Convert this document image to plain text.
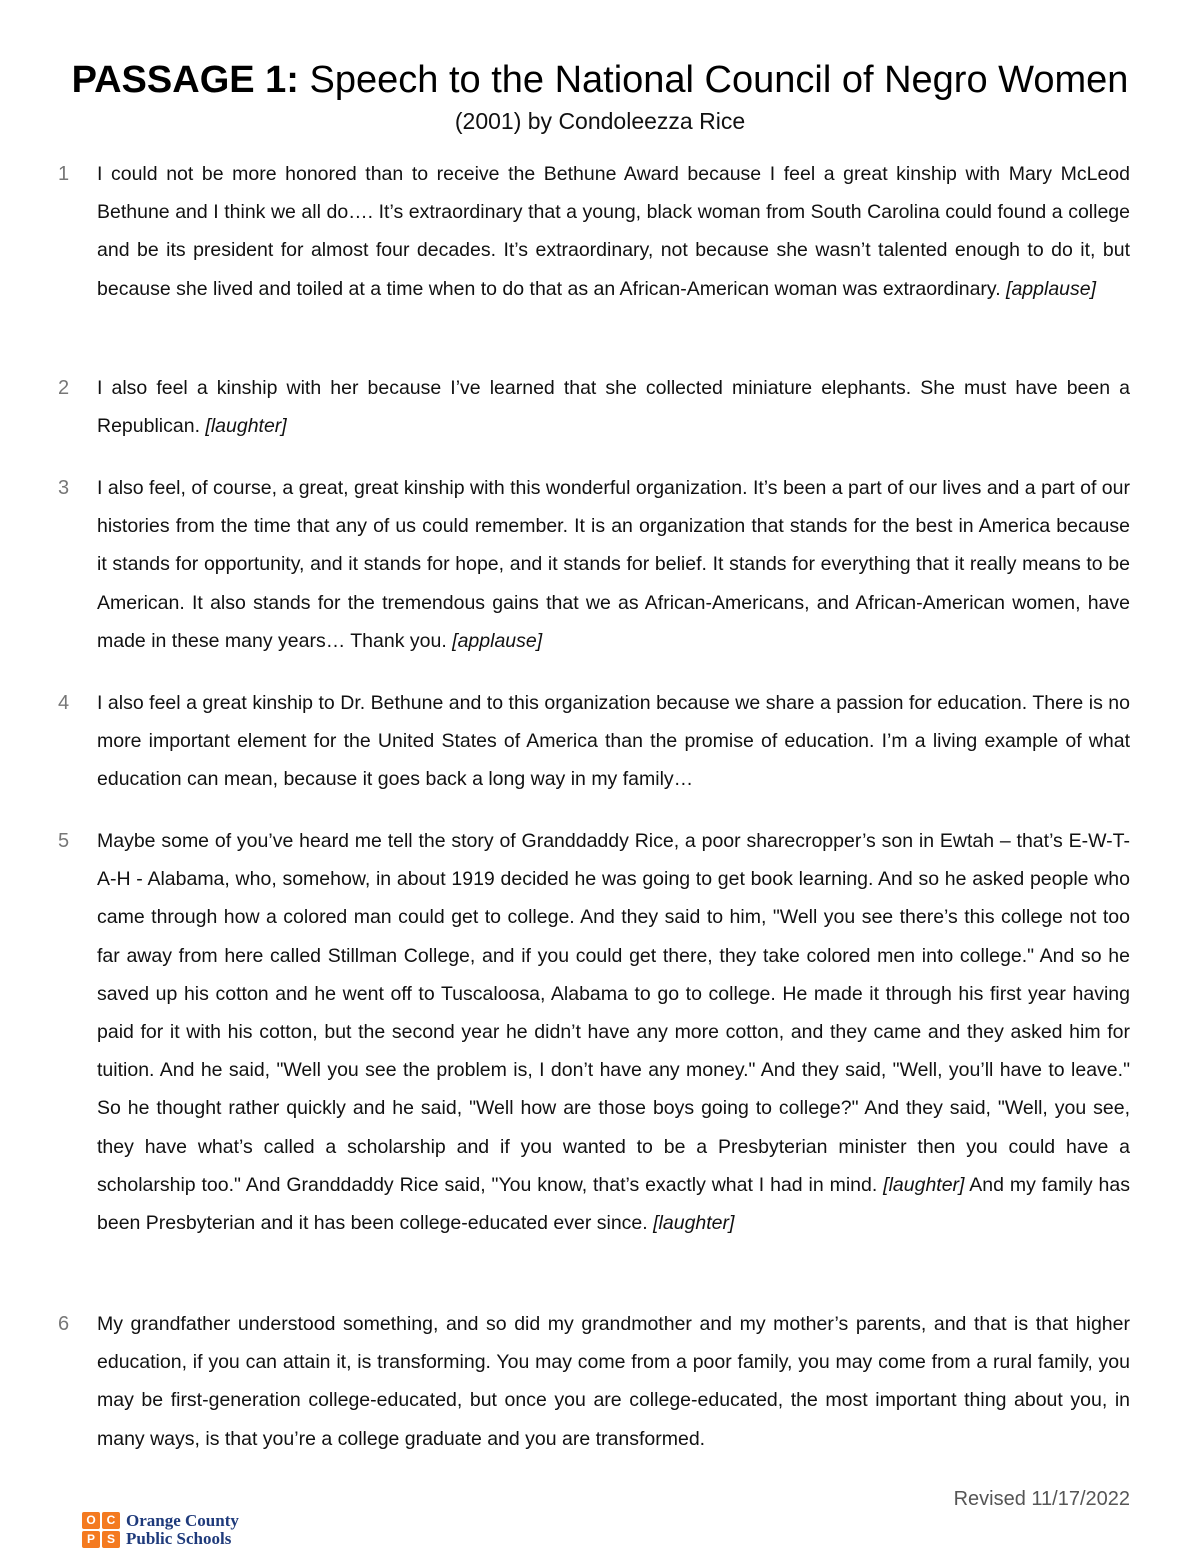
PASSAGE 1: Speech to the National Council of Negro Women
(2001) by Condoleezza Rice
1	I could not be more honored than to receive the Bethune Award because I feel a great kinship with Mary McLeod Bethune and I think we all do…. It’s extraordinary that a young, black woman from South Carolina could found a college and be its president for almost four decades. It’s extraordinary, not because she wasn’t talented enough to do it, but because she lived and toiled at a time when to do that as an African-American woman was extraordinary. [applause]
2	I also feel a kinship with her because I’ve learned that she collected miniature elephants. She must have been a Republican. [laughter]
3	I also feel, of course, a great, great kinship with this wonderful organization. It’s been a part of our lives and a part of our histories from the time that any of us could remember. It is an organization that stands for the best in America because it stands for opportunity, and it stands for hope, and it stands for belief. It stands for everything that it really means to be American. It also stands for the tremendous gains that we as African-Americans, and African-American women, have made in these many years… Thank you. [applause]
4	I also feel a great kinship to Dr. Bethune and to this organization because we share a passion for education. There is no more important element for the United States of America than the promise of education. I’m a living example of what education can mean, because it goes back a long way in my family…
5	Maybe some of you’ve heard me tell the story of Granddaddy Rice, a poor sharecropper’s son in Ewtah – that’s E-W-T-A-H - Alabama, who, somehow, in about 1919 decided he was going to get book learning. And so he asked people who came through how a colored man could get to college. And they said to him, "Well you see there’s this college not too far away from here called Stillman College, and if you could get there, they take colored men into college." And so he saved up his cotton and he went off to Tuscaloosa, Alabama to go to college. He made it through his first year having paid for it with his cotton, but the second year he didn’t have any more cotton, and they came and they asked him for tuition. And he said, "Well you see the problem is, I don’t have any money." And they said, "Well, you’ll have to leave." So he thought rather quickly and he said, "Well how are those boys going to college?" And they said, "Well, you see, they have what’s called a scholarship and if you wanted to be a Presbyterian minister then you could have a scholarship too." And Granddaddy Rice said, "You know, that’s exactly what I had in mind. [laughter] And my family has been Presbyterian and it has been college-educated ever since. [laughter]
6	My grandfather understood something, and so did my grandmother and my mother’s parents, and that is that higher education, if you can attain it, is transforming. You may come from a poor family, you may come from a rural family, you may be first-generation college-educated, but once you are college-educated, the most important thing about you, in many ways, is that you’re a college graduate and you are transformed.
Revised 11/17/2022
O C
P S
Orange County
Public Schools
